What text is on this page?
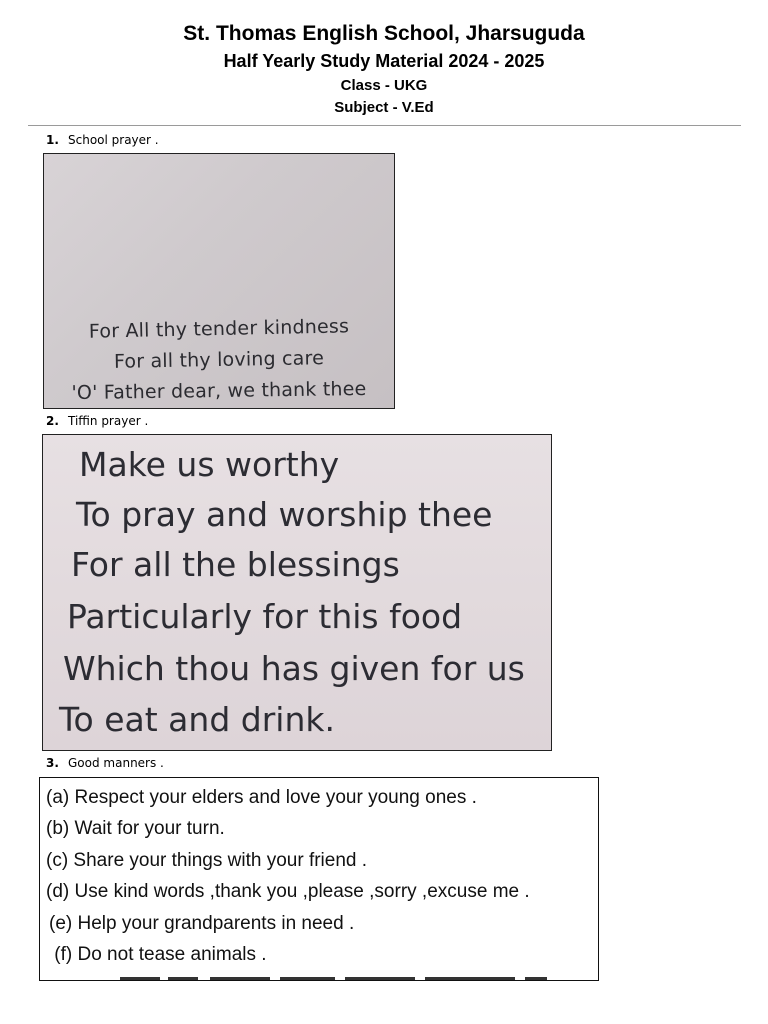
St. Thomas English School, Jharsuguda
Half Yearly Study Material 2024 - 2025
Class - UKG
Subject - V.Ed
1. School prayer .
For All thy tender kindness
For all thy loving care
'O' Father dear, we thank thee
2. Tiffin prayer .
Make us worthy
To pray and worship thee
For all the blessings
Particularly for this food
Which thou has given for us
To eat and drink.
3. Good manners .
(a) Respect your elders and love your young ones .
(b) Wait for your turn.
(c) Share your things with your friend .
(d) Use kind words ,thank you ,please ,sorry ,excuse me .
(e) Help your grandparents in need .
(f) Do not tease animals .
